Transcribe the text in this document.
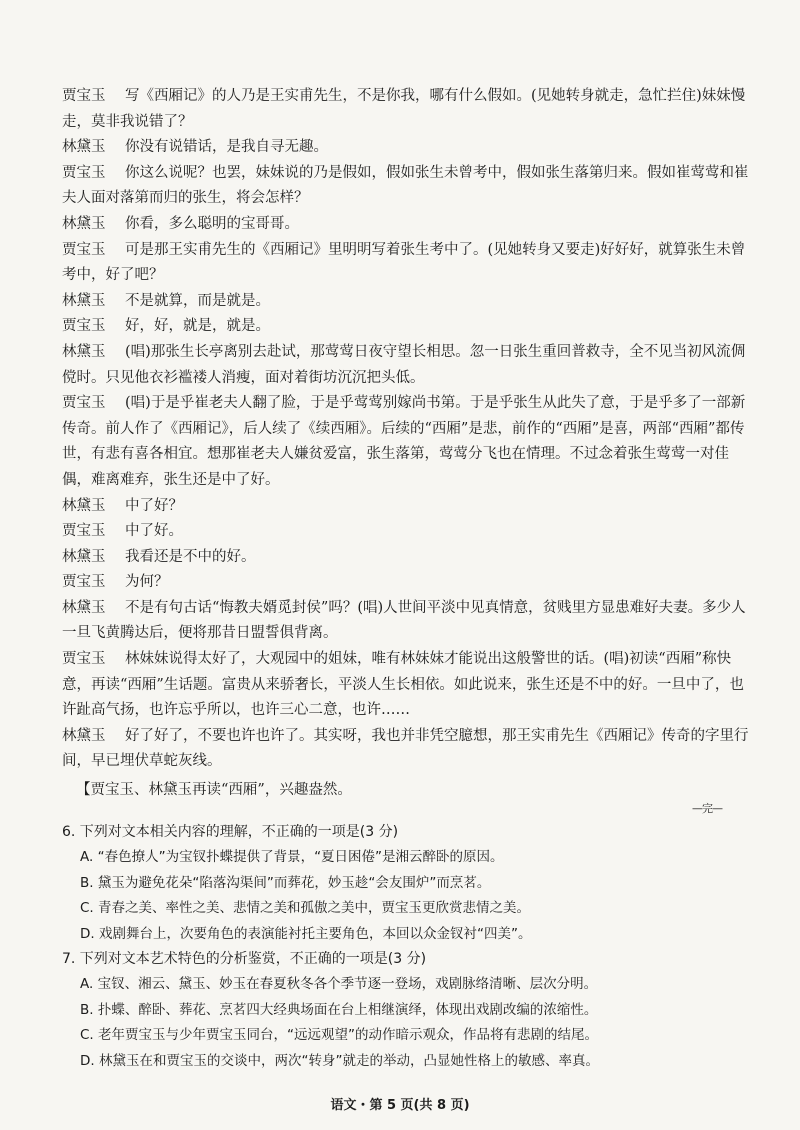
贾宝玉 写《西厢记》的人乃是王实甫先生，不是你我，哪有什么假如。(见她转身就走，急忙拦住)妹妹慢走，莫非我说错了？

林黛玉 你没有说错话，是我自寻无趣。

贾宝玉 你这么说呢？也罢，妹妹说的乃是假如，假如张生未曾考中，假如张生落第归来。假如崔莺莺和崔夫人面对落第而归的张生，将会怎样？

林黛玉 你看，多么聪明的宝哥哥。

贾宝玉 可是那王实甫先生的《西厢记》里明明写着张生考中了。(见她转身又要走)好好好，就算张生未曾考中，好了吧？

林黛玉 不是就算，而是就是。

贾宝玉 好，好，就是，就是。

林黛玉 (唱)那张生长亭离别去赴试，那莺莺日夜守望长相思。忽一日张生重回普救寺，全不见当初风流倜傥时。只见他衣衫褴褛人消瘦，面对着街坊沉沉把头低。

贾宝玉 (唱)于是乎崔老夫人翻了脸，于是乎莺莺别嫁尚书第。于是乎张生从此失了意，于是乎多了一部新传奇。前人作了《西厢记》，后人续了《续西厢》。后续的“西厢”是悲，前作的“西厢”是喜，两部“西厢”都传世，有悲有喜各相宜。想那崔老夫人嫌贫爱富，张生落第，莺莺分飞也在情理。不过念着张生莺莺一对佳偶，难离难弃，张生还是中了好。

林黛玉 中了好？

贾宝玉 中了好。

林黛玉 我看还是不中的好。

贾宝玉 为何？

林黛玉 不是有句古话“悔教夫婿觅封侯”吗？(唱)人世间平淡中见真情意，贫贱里方显患难好夫妻。多少人一旦飞黄腾达后，便将那昔日盟誓俱背离。

贾宝玉 林妹妹说得太好了，大观园中的姐妹，唯有林妹妹才能说出这般警世的话。(唱)初读“西厢”称快意，再读“西厢”生话题。富贵从来骄奢长，平淡人生长相依。如此说来，张生还是不中的好。一旦中了，也许趾高气扬，也许忘乎所以，也许三心二意，也许……

林黛玉 好了好了，不要也许也许了。其实呀，我也并非凭空臆想，那王实甫先生《西厢记》传奇的字里行间，早已埋伏草蛇灰线。

【贾宝玉、林黛玉再读“西厢”，兴趣盎然。

—完—

6. 下列对文本相关内容的理解，不正确的一项是(3 分)

A. “春色撩人”为宝钗扑蝶提供了背景，“夏日困倦”是湘云醉卧的原因。

B. 黛玉为避免花朵“陷落沟渠间”而葬花，妙玉趁“会友围炉”而烹茗。

C. 青春之美、率性之美、悲情之美和孤傲之美中，贾宝玉更欣赏悲情之美。

D. 戏剧舞台上，次要角色的表演能衬托主要角色，本回以众金钗衬“四美”。

7. 下列对文本艺术特色的分析鉴赏，不正确的一项是(3 分)

A. 宝钗、湘云、黛玉、妙玉在春夏秋冬各个季节逐一登场，戏剧脉络清晰、层次分明。

B. 扑蝶、醉卧、葬花、烹茗四大经典场面在台上相继演绎，体现出戏剧改编的浓缩性。

C. 老年贾宝玉与少年贾宝玉同台，“远远观望”的动作暗示观众，作品将有悲剧的结尾。

D. 林黛玉在和贾宝玉的交谈中，两次“转身”就走的举动，凸显她性格上的敏感、率真。

语文・第 5 页(共 8 页)
